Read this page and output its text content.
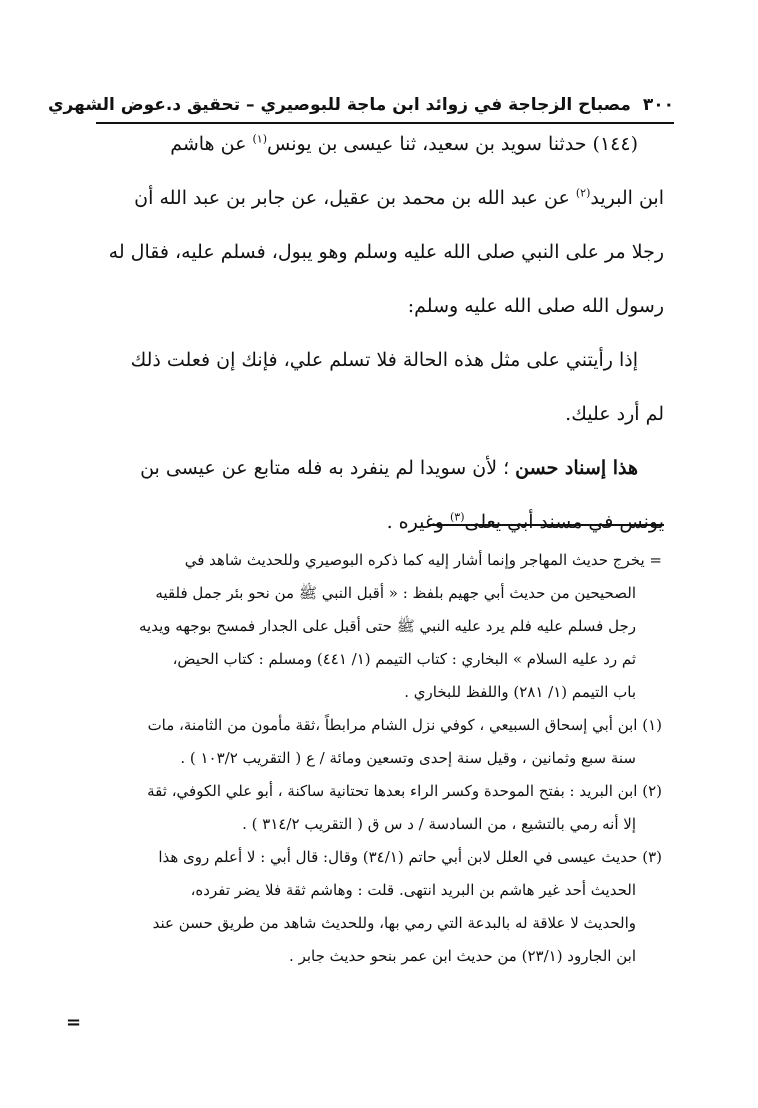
٣٠٠ مصباح الزجاجة في زوائد ابن ماجة للبوصيري – تحقيق د.عوض الشهري

(١٤٤) حدثنا سويد بن سعيد، ثنا عيسى بن يونس$^{(١)}$ عن هاشم

ابن البريد$^{(٢)}$ عن عبد الله بن محمد بن عقيل، عن جابر بن عبد الله أن

رجلا مر على النبي صلى الله عليه وسلم وهو يبول، فسلم عليه، فقال له

رسول الله صلى الله عليه وسلم:

إذا رأيتني على مثل هذه الحالة فلا تسلم علي، فإنك إن فعلت ذلك

لم أرد عليك.

هذا إسناد حسن ؛ لأن سويدا لم ينفرد به فله متابع عن عيسى بن

يونس في مسند أبي يعلى$^{(٣)}$ وغيره .

= يخرج حديث المهاجر وإنما أشار إليه كما ذكره البوصيري وللحديث شاهد في

الصحيحين من حديث أبي جهيم بلفظ : « أقبل النبي ﷺ من نحو بئر جمل فلقيه

رجل فسلم عليه فلم يرد عليه النبي ﷺ حتى أقبل على الجدار فمسح بوجهه ويديه

ثم رد عليه السلام » البخاري : كتاب التيمم (١/ ٤٤١) ومسلم : كتاب الحيض،

باب التيمم (١/ ٢٨١) واللفظ للبخاري .

(١) ابن أبي إسحاق السبيعي ، كوفي نزل الشام مرابطاً ،ثقة مأمون من الثامنة، مات

سنة سبع وثمانين ، وقيل سنة إحدى وتسعين ومائة / ع ( التقريب ١٠٣/٢ ) .

(٢) ابن البريد : بفتح الموحدة وكسر الراء بعدها تحتانية ساكنة ، أبو علي الكوفي، ثقة

إلا أنه رمي بالتشيع ، من السادسة / د س ق ( التقريب ٣١٤/٢ ) .

(٣) حديث عيسى في العلل لابن أبي حاتم (٣٤/١) وقال: قال أبي : لا أعلم روى هذا

الحديث أحد غير هاشم بن البريد انتهى. قلت : وهاشم ثقة فلا يضر تفرده،

والحديث لا علاقة له بالبدعة التي رمي بها، وللحديث شاهد من طريق حسن عند

ابن الجارود (٢٣/١) من حديث ابن عمر بنحو حديث جابر .

=
